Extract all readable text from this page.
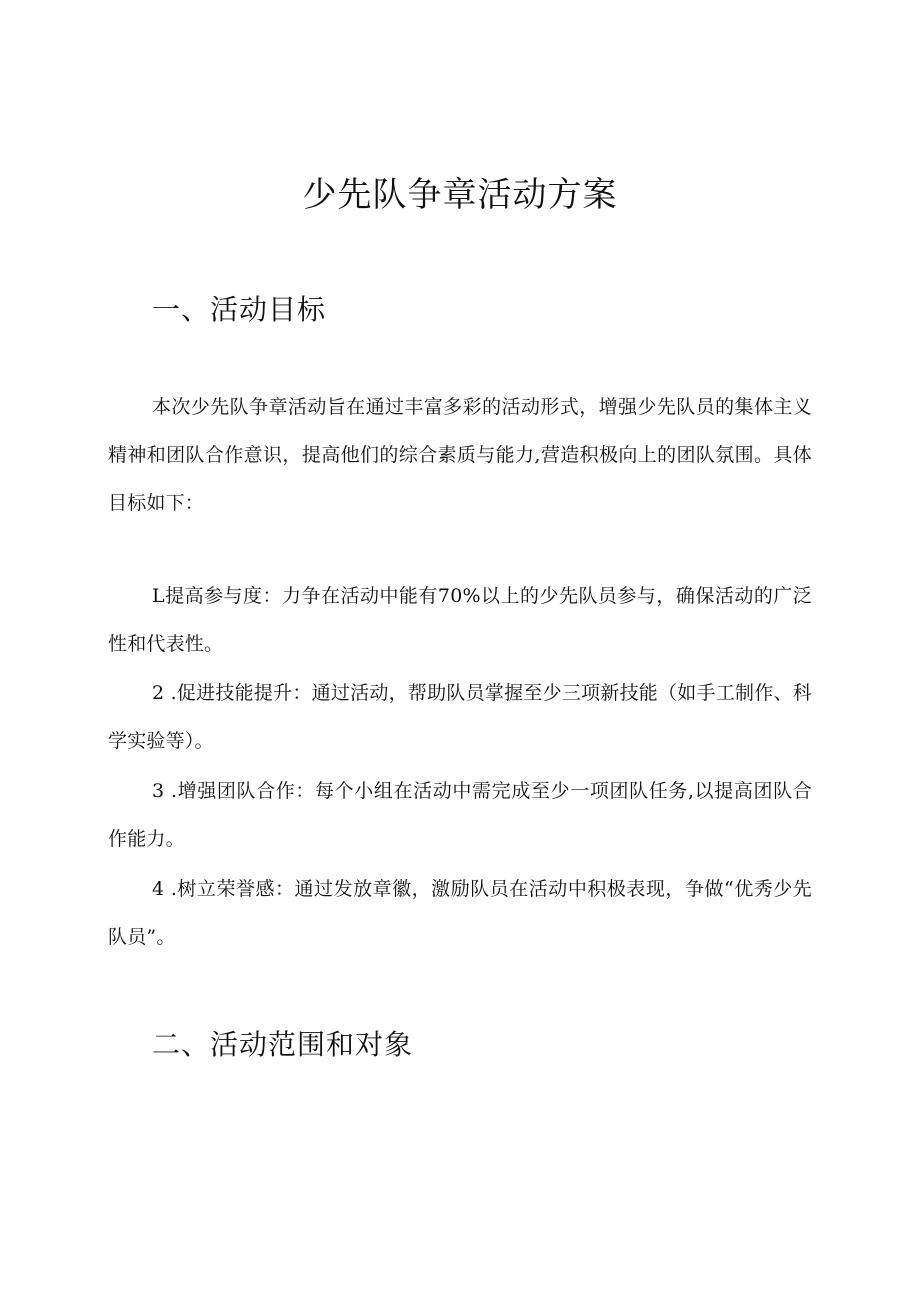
少先队争章活动方案
一、活动目标

本次少先队争章活动旨在通过丰富多彩的活动形式，增强少先队员的集体主义精神和团队合作意识，提高他们的综合素质与能力,营造积极向上的团队氛围。具体目标如下：

L提高参与度：力争在活动中能有70%以上的少先队员参与，确保活动的广泛性和代表性。

2 .促进技能提升：通过活动，帮助队员掌握至少三项新技能（如手工制作、科学实验等）。

3 .增强团队合作：每个小组在活动中需完成至少一项团队任务,以提高团队合作能力。

4 .树立荣誉感：通过发放章徽，激励队员在活动中积极表现，争做“优秀少先队员”。

二、活动范围和对象
